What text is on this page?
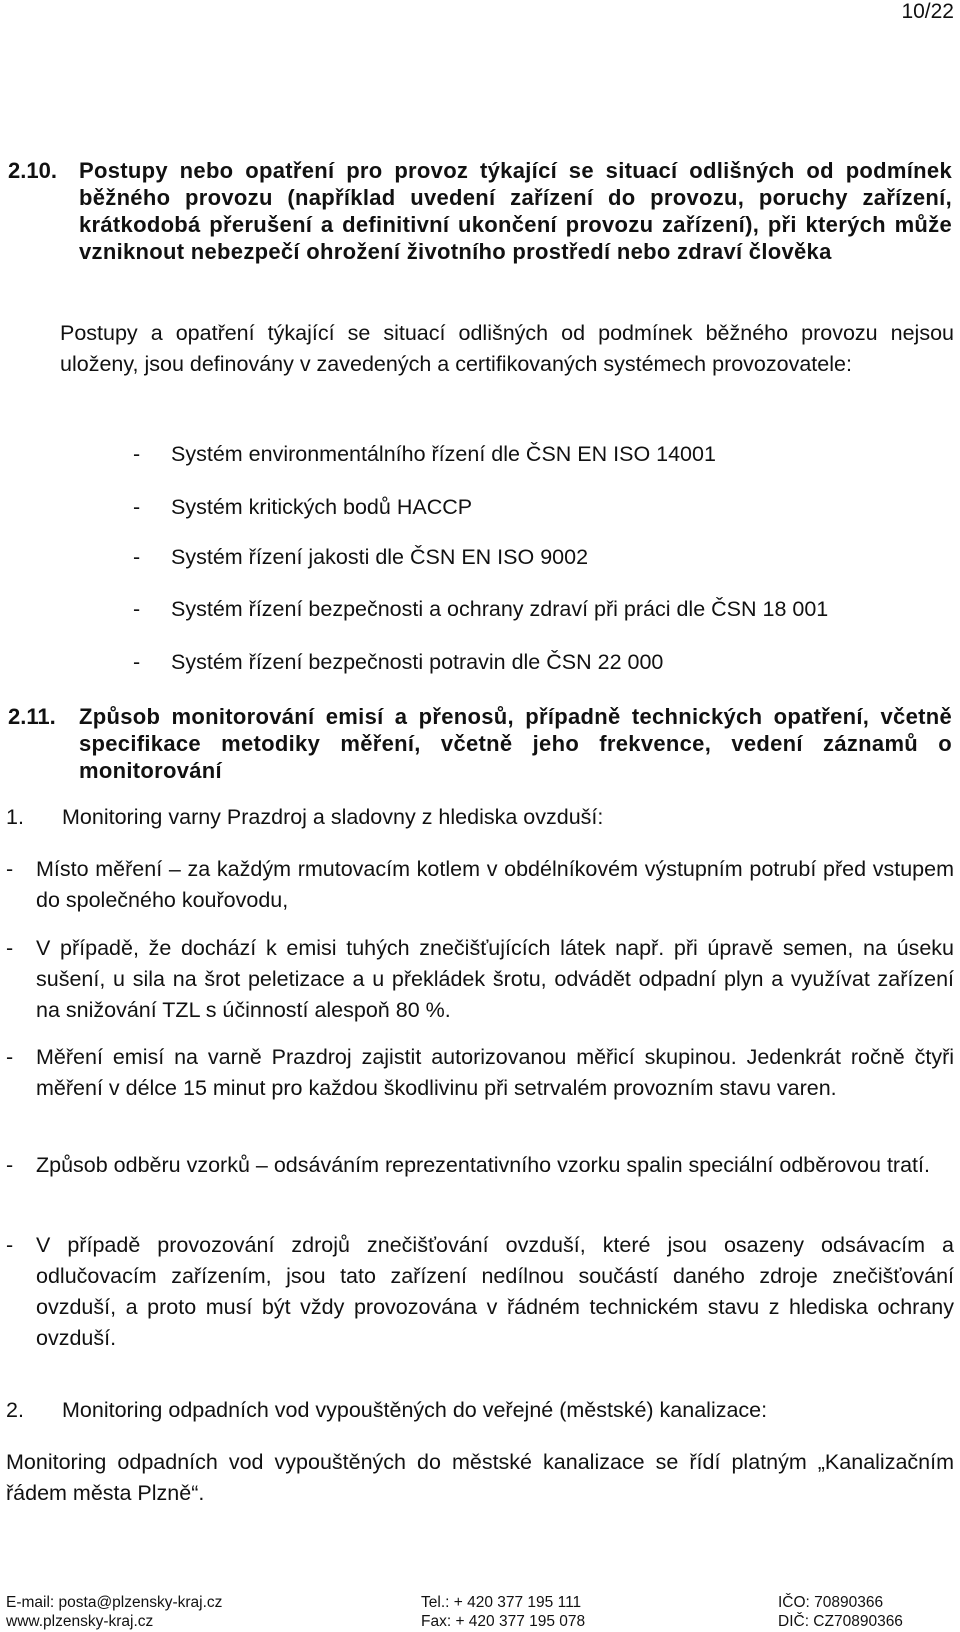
10/22
2.10. Postupy nebo opatření pro provoz týkající se situací odlišných od podmínek běžného provozu (například uvedení zařízení do provozu, poruchy zařízení, krátkodobá přerušení a definitivní ukončení provozu zařízení), při kterých může vzniknout nebezpečí ohrožení životního prostředí nebo zdraví člověka
Postupy a opatření týkající se situací odlišných od podmínek běžného provozu nejsou uloženy, jsou definovány v zavedených a certifikovaných systémech provozovatele:
- Systém environmentálního řízení dle ČSN EN ISO 14001
- Systém kritických bodů HACCP
- Systém řízení jakosti dle ČSN EN ISO 9002
- Systém řízení bezpečnosti a ochrany zdraví při práci dle ČSN 18 001
- Systém řízení bezpečnosti potravin dle ČSN 22 000
2.11. Způsob monitorování emisí a přenosů, případně technických opatření, včetně specifikace metodiky měření, včetně jeho frekvence, vedení záznamů o monitorování
1. Monitoring varny Prazdroj a sladovny z hlediska ovzduší:
- Místo měření – za každým rmutovacím kotlem v obdélníkovém výstupním potrubí před vstupem do společného kouřovodu,
- V případě, že dochází k emisi tuhých znečišťujících látek např. při úpravě semen, na úseku sušení, u sila na šrot peletizace a u překládek šrotu, odvádět odpadní plyn a využívat zařízení na snižování TZL s účinností alespoň 80 %.
- Měření emisí na varně Prazdroj zajistit autorizovanou měřicí skupinou. Jedenkrát ročně čtyři měření v délce 15 minut pro každou škodlivinu při setrvalém provozním stavu varen.
- Způsob odběru vzorků – odsáváním reprezentativního vzorku spalin speciální odběrovou tratí.
- V případě provozování zdrojů znečišťování ovzduší, které jsou osazeny odsávacím a odlučovacím zařízením, jsou tato zařízení nedílnou součástí daného zdroje znečišťování ovzduší, a proto musí být vždy provozována v řádném technickém stavu z hlediska ochrany ovzduší.
2. Monitoring odpadních vod vypouštěných do veřejné (městské) kanalizace:
Monitoring odpadních vod vypouštěných do městské kanalizace se řídí platným „Kanalizačním řádem města Plzně“.
E-mail: posta@plzensky-kraj.cz	Tel.: + 420 377 195 111	IČO: 70890366
www.plzensky-kraj.cz	Fax: + 420 377 195 078	DIČ: CZ70890366
